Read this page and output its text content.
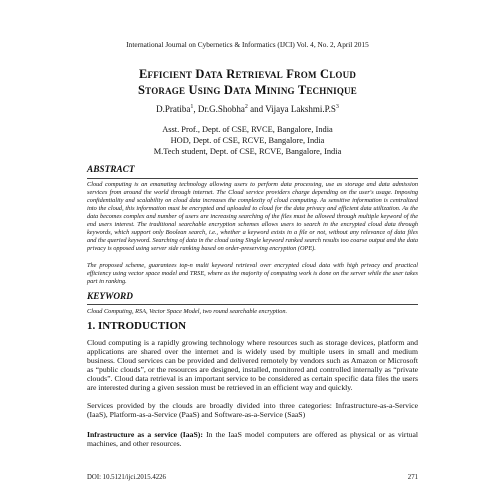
International Journal on Cybernetics & Informatics (IJCI) Vol. 4, No. 2, April 2015
Efficient Data Retrieval From Cloud
Storage Using Data Mining Technique
D.Pratiba$^1$, Dr.G.Shobha$^2$ and Vijaya $Lakshmi.P.S^3$
Asst. Prof., Dept. of CSE, RVCE, Bangalore, India
HOD, Dept. of CSE, RCVE, Bangalore, India
M.Tech student, Dept. of CSE, RCVE, Bangalore, India
ABSTRACT
Cloud computing is an emanating technology allowing users to perform data processing, use as storage and data admission services from around the world through internet. The Cloud service providers charge depending on the user's usage. Imposing confidentiality and scalability on cloud data increases the complexity of cloud computing. As sensitive information is centralized into the cloud, this information must be encrypted and uploaded to cloud for the data privacy and efficient data utilization. As the data becomes complex and number of users are increasing searching of the files must be allowed through multiple keyword of the end users interest. The traditional searchable encryption schemes allows users to search in the encrypted cloud data through keywords, which support only Boolean search, i.e., whether a keyword exists in a file or not, without any relevance of data files and the queried keyword. Searching of data in the cloud using Single keyword ranked search results too coarse output and the data privacy is opposed using server side ranking based on order-preserving encryption (OPE).
The proposed scheme, guarantees top-n multi keyword retrieval over encrypted cloud data with high privacy and practical efficiency using vector space model and TRSE, where as the majority of computing work is done on the server while the user takes part in ranking.
KEYWORD
Cloud Computing, RSA, Vector Space Model, two round searchable encryption.
1. INTRODUCTION
Cloud computing is a rapidly growing technology where resources such as storage devices, platform and applications are shared over the internet and is widely used by multiple users in small and medium business. Cloud services can be provided and delivered remotely by vendors such as Amazon or Microsoft as “public clouds”, or the resources are designed, installed, monitored and controlled internally as “private clouds”. Cloud data retrieval is an important service to be considered as certain specific data files the users are interested during a given session must be retrieved in an efficient way and quickly.
Services provided by the clouds are broadly divided into three categories: Infrastructure-as-a-Service (IaaS), Platform-as-a-Service (PaaS) and Software-as-a-Service (SaaS)
Infrastructure as a service (IaaS): In the IaaS model computers are offered as physical or as virtual machines, and other resources.
DOI: 10.5121/ijci.2015.4226	271
